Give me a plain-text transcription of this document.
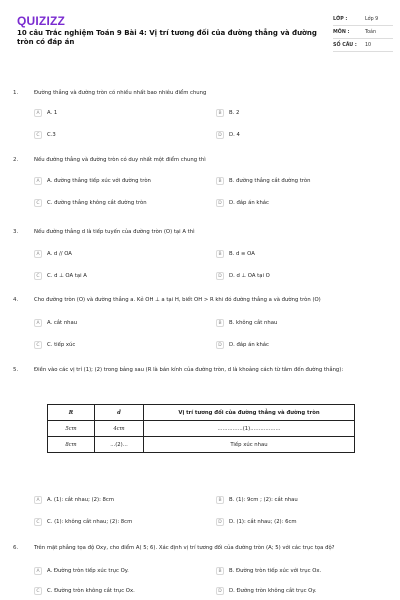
QUIZIZZ
10 câu Trắc nghiệm Toán 9 Bài 4: Vị trí tương đối của đường thẳng và đường tròn có đáp án
LỚP :	Lớp 9
MÔN :	Toán
SỐ CÂU :	10
1.	Đường thẳng và đường tròn có nhiều nhất bao nhiêu điểm chung
A	A. 1	B	B. 2
C	C.3	D	D. 4
2.	Nếu đường thẳng và đường tròn có duy nhất một điểm chung thì
A	A. đường thẳng tiếp xúc với đường tròn	B	B. đường thẳng cắt đường tròn
C	C. đường thẳng không cắt đường tròn	D	D. đáp án khác
3.	Nếu đường thẳng d là tiếp tuyến của đường tròn (O) tại A thì
A	A. d // OA	B	B. d ≡ OA
C	C. d ⊥ OA tại A	D	D. d ⊥ OA tại O
4.	Cho đường tròn (O) và đường thẳng a. Kẻ OH ⊥ a tại H, biết OH > R khi đó đường thẳng a và đường tròn (O)
A	A. cắt nhau	B	B. không cắt nhau
C	C. tiếp xúc	D	D. đáp án khác
5.	Điền vào các vị trí (1); (2) trong bảng sau (R là bán kính của đường tròn, d là khoảng cách từ tâm đến đường thẳng):
A	A. (1): cắt nhau; (2): 8cm	B	B. (1): 9cm ; (2): cắt nhau
C	C. (1): không cắt nhau; (2): 8cm	D	D. (1): cắt nhau; (2): 6cm
R	d	Vị trí tương đối của đường thẳng và đường tròn
5cm	4cm	...............(1)..................
8cm	...(2)...	Tiếp xúc nhau
6.	Trên mặt phẳng tọa độ Oxy, cho điểm A( 5; 6). Xác định vị trí tương đối của đường tròn (A; 5) với các trục tọa độ?
A	A. Đường tròn tiếp xúc trục Oy.	B	B. Đường tròn tiếp xúc với trục Ox.
C	C. Đường tròn không cắt trục Ox.	D	D. Đường tròn không cắt trục Oy.
